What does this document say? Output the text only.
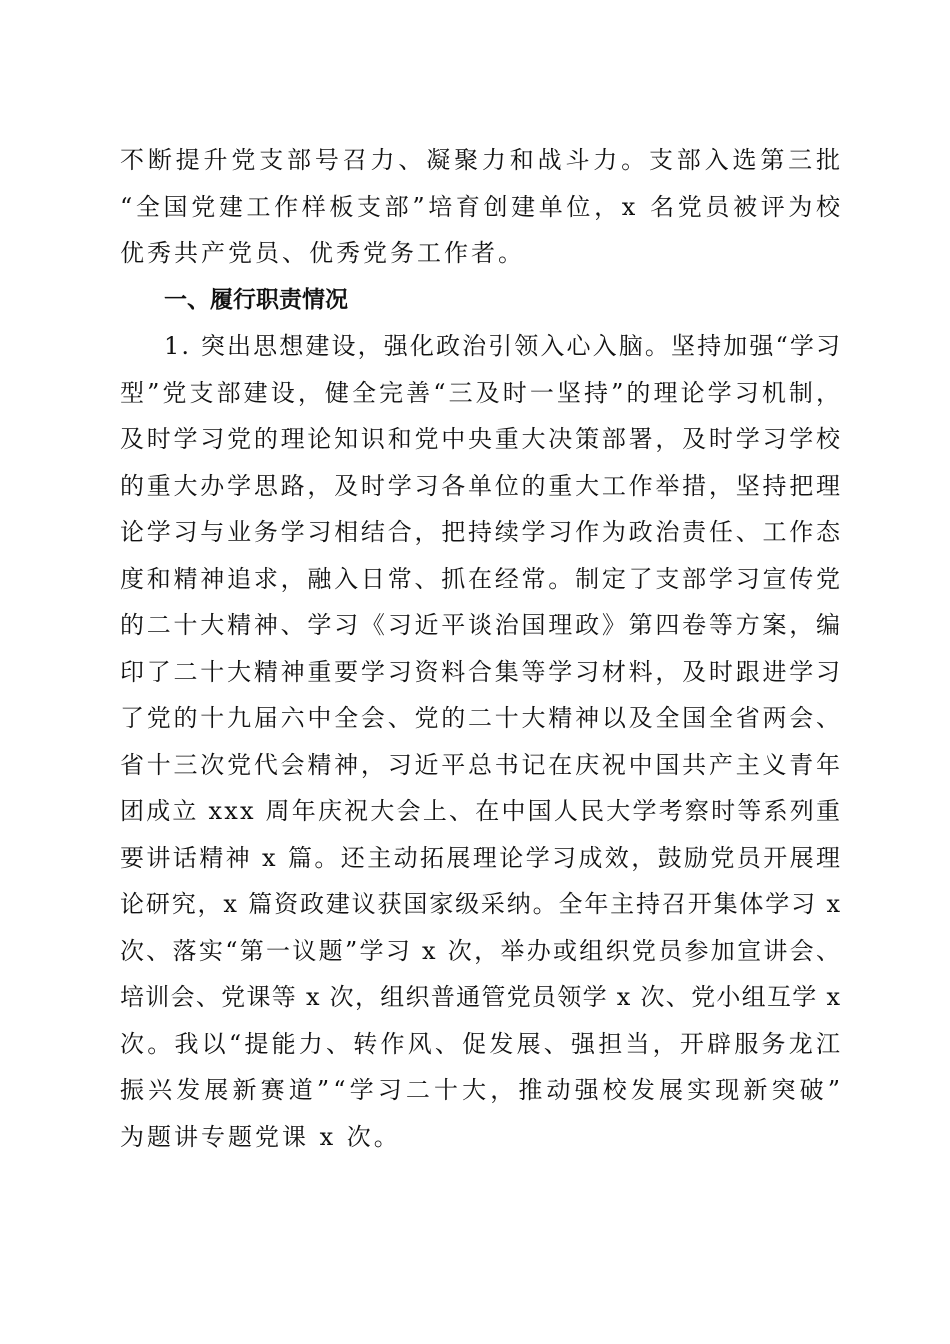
不断提升党支部号召力、凝聚力和战斗力。支部入选第三批
“全国党建工作样板支部”培育创建单位，x 名党员被评为校
优秀共产党员、优秀党务工作者。
一、履行职责情况
1. 突出思想建设，强化政治引领入心入脑。坚持加强“学习
型”党支部建设，健全完善“三及时一坚持”的理论学习机制，
及时学习党的理论知识和党中央重大决策部署，及时学习学校
的重大办学思路，及时学习各单位的重大工作举措，坚持把理
论学习与业务学习相结合，把持续学习作为政治责任、工作态
度和精神追求，融入日常、抓在经常。制定了支部学习宣传党
的二十大精神、学习《习近平谈治国理政》第四卷等方案，编
印了二十大精神重要学习资料合集等学习材料，及时跟进学习
了党的十九届六中全会、党的二十大精神以及全国全省两会、
省十三次党代会精神，习近平总书记在庆祝中国共产主义青年
团成立 xxx 周年庆祝大会上、在中国人民大学考察时等系列重
要讲话精神 x 篇。还主动拓展理论学习成效，鼓励党员开展理
论研究，x 篇资政建议获国家级采纳。全年主持召开集体学习 x
次、落实“第一议题”学习 x 次，举办或组织党员参加宣讲会、
培训会、党课等 x 次，组织普通管党员领学 x 次、党小组互学 x
次。我以“提能力、转作风、促发展、强担当，开辟服务龙江
振兴发展新赛道”“学习二十大，推动强校发展实现新突破”
为题讲专题党课 x 次。
